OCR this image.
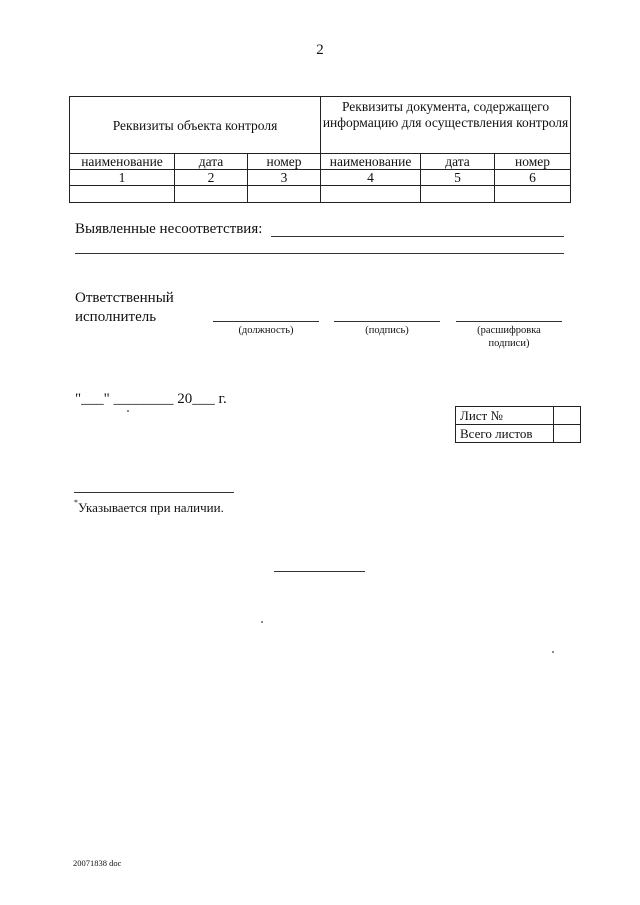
2
Реквизиты объекта контроля			Реквизиты документа, содержащего информацию для осуществления контроля		
наименование	дата	номер	наименование	дата	номер
1	2	3	4	5	6

Выявленные несоответствия:
Ответственный
исполнитель
(должность)	(подпись)	(расшифровка
подписи)
"___" ________ 20___ г.
Лист №	
Всего листов	
*Указывается при наличии.
20071838 doc
